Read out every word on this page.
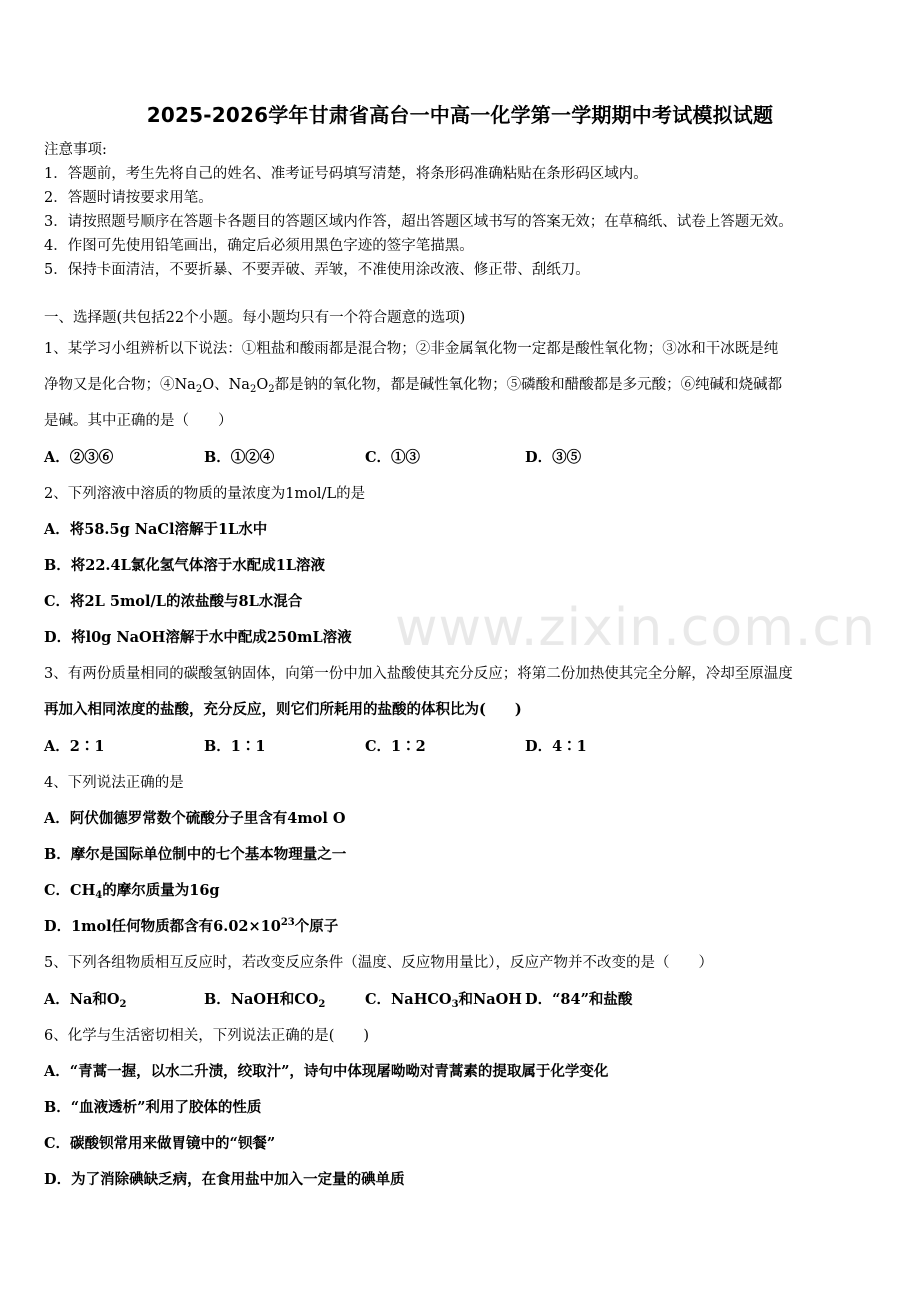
2025-2026学年甘肃省高台一中高一化学第一学期期中考试模拟试题
注意事项:
1．答题前，考生先将自己的姓名、准考证号码填写清楚，将条形码准确粘贴在条形码区域内。
2．答题时请按要求用笔。
3．请按照题号顺序在答题卡各题目的答题区域内作答，超出答题区域书写的答案无效；在草稿纸、试卷上答题无效。
4．作图可先使用铅笔画出，确定后必须用黑色字迹的签字笔描黑。
5．保持卡面清洁，不要折暴、不要弄破、弄皱，不准使用涂改液、修正带、刮纸刀。
一、选择题(共包括22个小题。每小题均只有一个符合题意的选项)
1、某学习小组辨析以下说法：①粗盐和酸雨都是混合物；②非金属氧化物一定都是酸性氧化物；③冰和干冰既是纯
净物又是化合物；$④Na_2O$、$Na_2O_2$都是钠的氧化物，都是碱性氧化物；⑤磷酸和醋酸都是多元酸；⑥纯碱和烧碱都
是碱。其中正确的是（　　）
A．②③⑥	B．①②④	C．①③	D．③⑤
2、下列溶液中溶质的物质的量浓度为1mol/L的是
A．将58.5g NaCl溶解于1L水中
B．将22.4L氯化氢气体溶于水配成1L溶液
C．将2L 5mol/L的浓盐酸与8L水混合
D．将l0g NaOH溶解于水中配成250mL溶液
3、有两份质量相同的碳酸氢钠固体，向第一份中加入盐酸使其充分反应；将第二份加热使其完全分解，冷却至原温度
再加入相同浓度的盐酸，充分反应，则它们所耗用的盐酸的体积比为(　　)
A．2∶1	B．1∶1	C．1∶2	D．4∶1
4、下列说法正确的是
A．阿伏伽德罗常数个硫酸分子里含有4mol O
B．摩尔是国际单位制中的七个基本物理量之一
C．$CH_4$的摩尔质量为16g
D．1mol任何物质都含有$6.02\times 10^{23}$个原子
5、下列各组物质相互反应时，若改变反应条件（温度、反应物用量比），反应产物并不改变的是（　　）
A．Na和$O_2$	B．NaOH和$CO_2$	C．NaHCO$_3$和NaOH D．“84”和盐酸
6、化学与生活密切相关，下列说法正确的是(　　)
A．“青蒿一握，以水二升渍，绞取汁”，诗句中体现屠呦呦对青蒿素的提取属于化学变化
B．“血液透析”利用了胶体的性质
C．碳酸钡常用来做胃镜中的“钡餐”
D．为了消除碘缺乏病，在食用盐中加入一定量的碘单质
www.zixin.com.cn
